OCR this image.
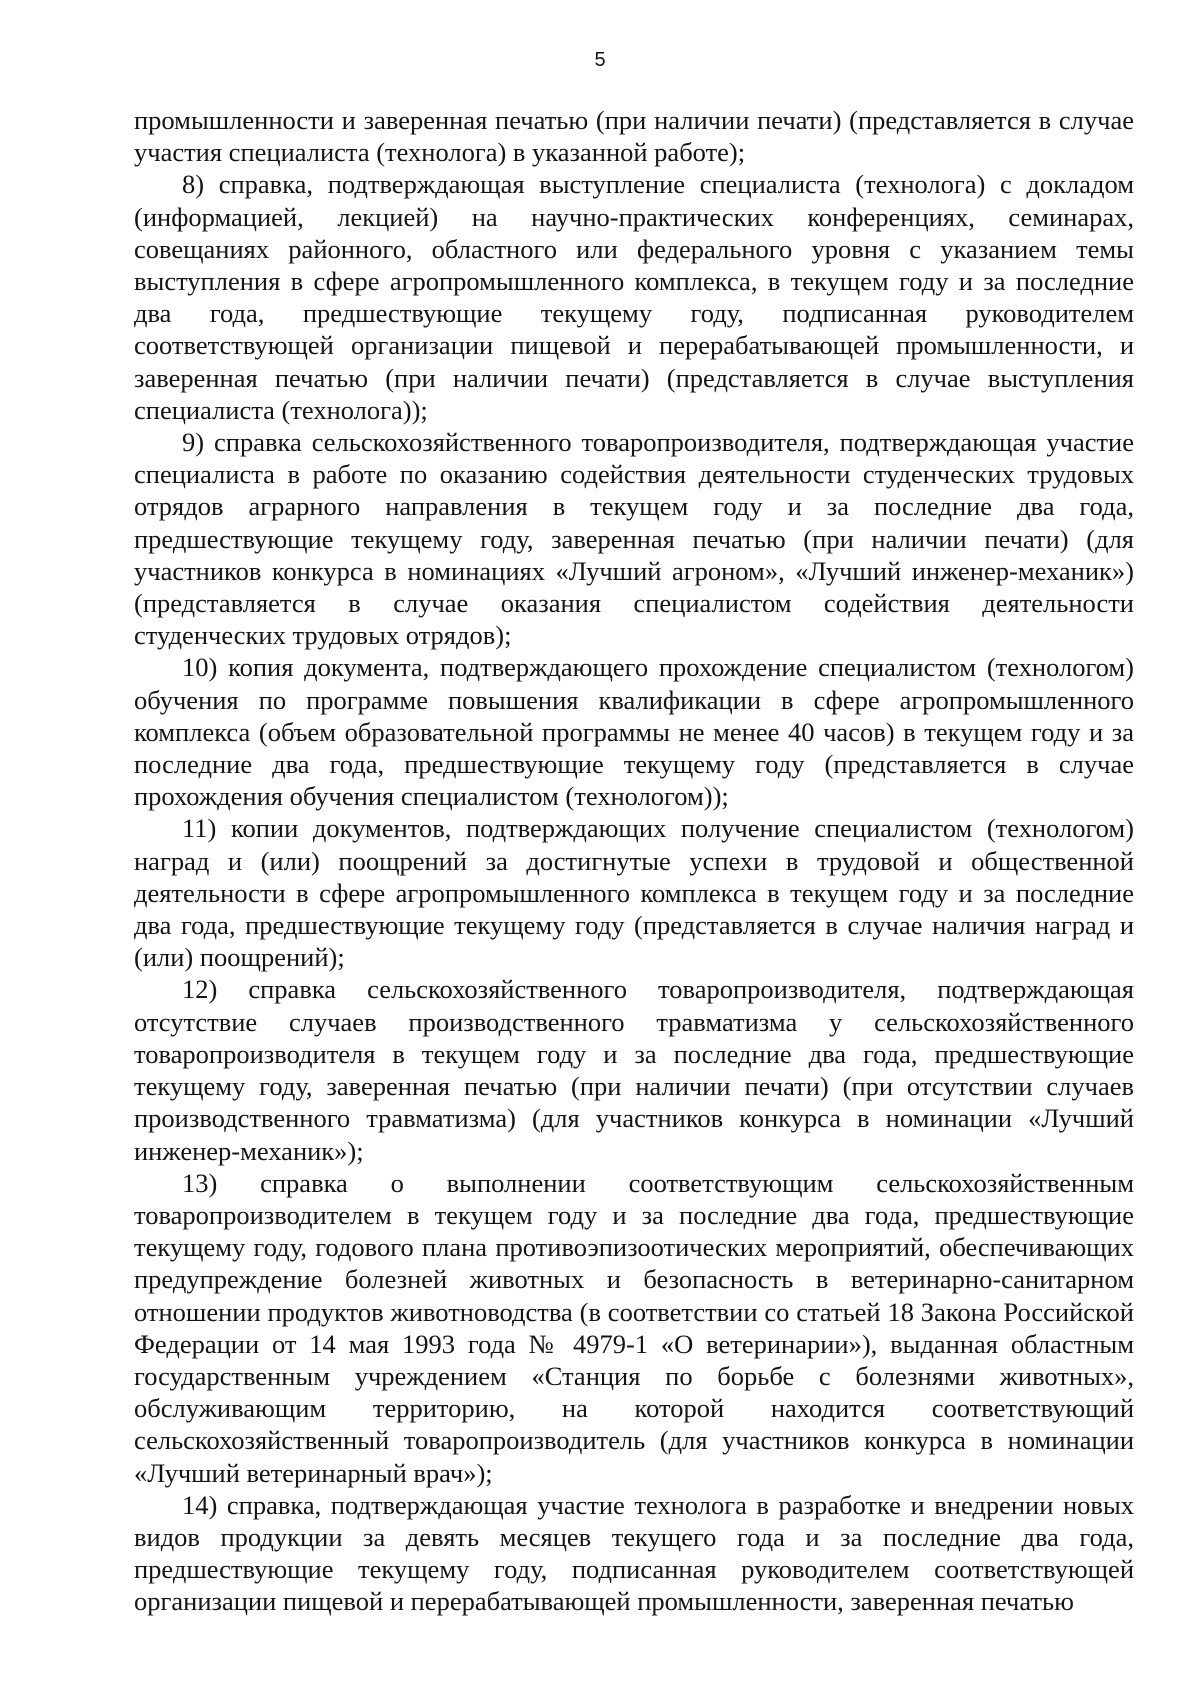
5

промышленности и заверенная печатью (при наличии печати) (представляется в случае участия специалиста (технолога) в указанной работе);

8) справка, подтверждающая выступление специалиста (технолога) с докладом (информацией, лекцией) на научно-практических конференциях, семинарах, совещаниях районного, областного или федерального уровня с указанием темы выступления в сфере агропромышленного комплекса, в текущем году и за последние два года, предшествующие текущему году, подписанная руководителем соответствующей организации пищевой и перерабатывающей промышленности, и заверенная печатью (при наличии печати) (представляется в случае выступления специалиста (технолога));

9) справка сельскохозяйственного товаропроизводителя, подтверждающая участие специалиста в работе по оказанию содействия деятельности студенческих трудовых отрядов аграрного направления в текущем году и за последние два года, предшествующие текущему году, заверенная печатью (при наличии печати) (для участников конкурса в номинациях «Лучший агроном», «Лучший инженер-механик») (представляется в случае оказания специалистом содействия деятельности студенческих трудовых отрядов);

10) копия документа, подтверждающего прохождение специалистом (технологом) обучения по программе повышения квалификации в сфере агропромышленного комплекса (объем образовательной программы не менее 40 часов) в текущем году и за последние два года, предшествующие текущему году (представляется в случае прохождения обучения специалистом (технологом));

11) копии документов, подтверждающих получение специалистом (технологом) наград и (или) поощрений за достигнутые успехи в трудовой и общественной деятельности в сфере агропромышленного комплекса в текущем году и за последние два года, предшествующие текущему году (представляется в случае наличия наград и (или) поощрений);

12) справка сельскохозяйственного товаропроизводителя, подтверждающая отсутствие случаев производственного травматизма у сельскохозяйственного товаропроизводителя в текущем году и за последние два года, предшествующие текущему году, заверенная печатью (при наличии печати) (при отсутствии случаев производственного травматизма) (для участников конкурса в номинации «Лучший инженер-механик»);

13) справка о выполнении соответствующим сельскохозяйственным товаропроизводителем в текущем году и за последние два года, предшествующие текущему году, годового плана противоэпизоотических мероприятий, обеспечивающих предупреждение болезней животных и безопасность в ветеринарно-санитарном отношении продуктов животноводства (в соответствии со статьей 18 Закона Российской Федерации от 14 мая 1993 года № 4979-1 «О ветеринарии»), выданная областным государственным учреждением «Станция по борьбе с болезнями животных», обслуживающим территорию, на которой находится соответствующий сельскохозяйственный товаропроизводитель (для участников конкурса в номинации «Лучший ветеринарный врач»);

14) справка, подтверждающая участие технолога в разработке и внедрении новых видов продукции за девять месяцев текущего года и за последние два года, предшествующие текущему году, подписанная руководителем соответствующей организации пищевой и перерабатывающей промышленности, заверенная печатью
